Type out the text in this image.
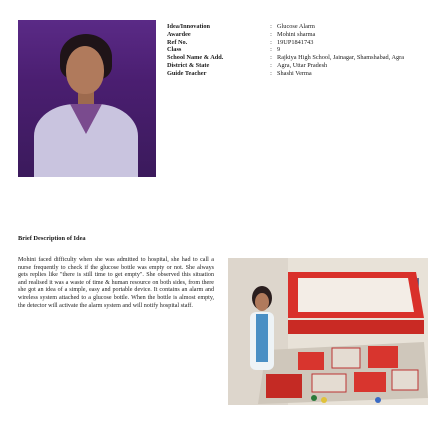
Idea/Innovation	: Glucose Alarm
Awardee	: Mohini sharma
Ref No.	: 19UP1841743
Class	: 9
School Name & Add.	: Rajkiya High School, Jainagar, Shamshabad, Agra
District & State	: Agra, Uttar Pradesh
Guide Teacher	: Shashi Verma
Brief Description of Idea
Mohini faced difficulty when she was admitted to hospital, she had to call a nurse frequently to check if the glucose bottle was empty or not. She always gets replies like "there is still time to get empty". She observed this situation and realised it was a waste of time & human resource on both sides, from there she got an idea of a simple, easy and portable device. It contains an alarm and wireless system attached to a glucose bottle. When the bottle is almost empty, the detector will activate the alarm system and will notify hospital staff.
